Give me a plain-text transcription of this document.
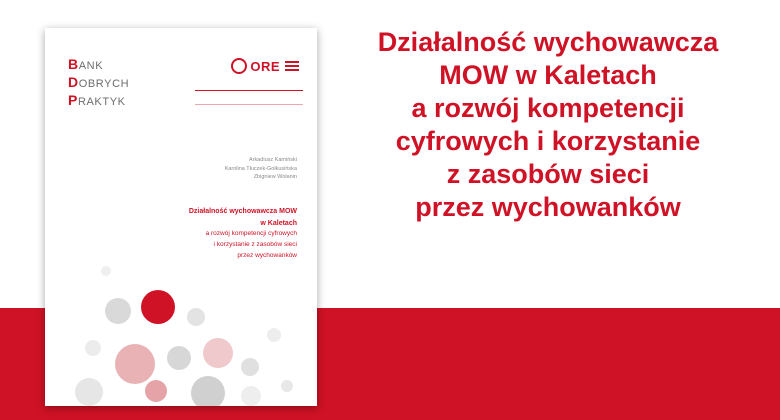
BANK
DOBRYCH
PRAKTYK
ORE
Arkadiusz Kamiński
Karolina Tłuczek-Gołkusińska
Zbigniew Wolanin
Działalność wychowawcza MOW
w Kaletach
a rozwój kompetencji cyfrowych
i korzystanie z zasobów sieci
przez wychowanków
Działalność wychowawcza
MOW w Kaletach
a rozwój kompetencji
cyfrowych i korzystanie
z zasobów sieci
przez wychowanków
